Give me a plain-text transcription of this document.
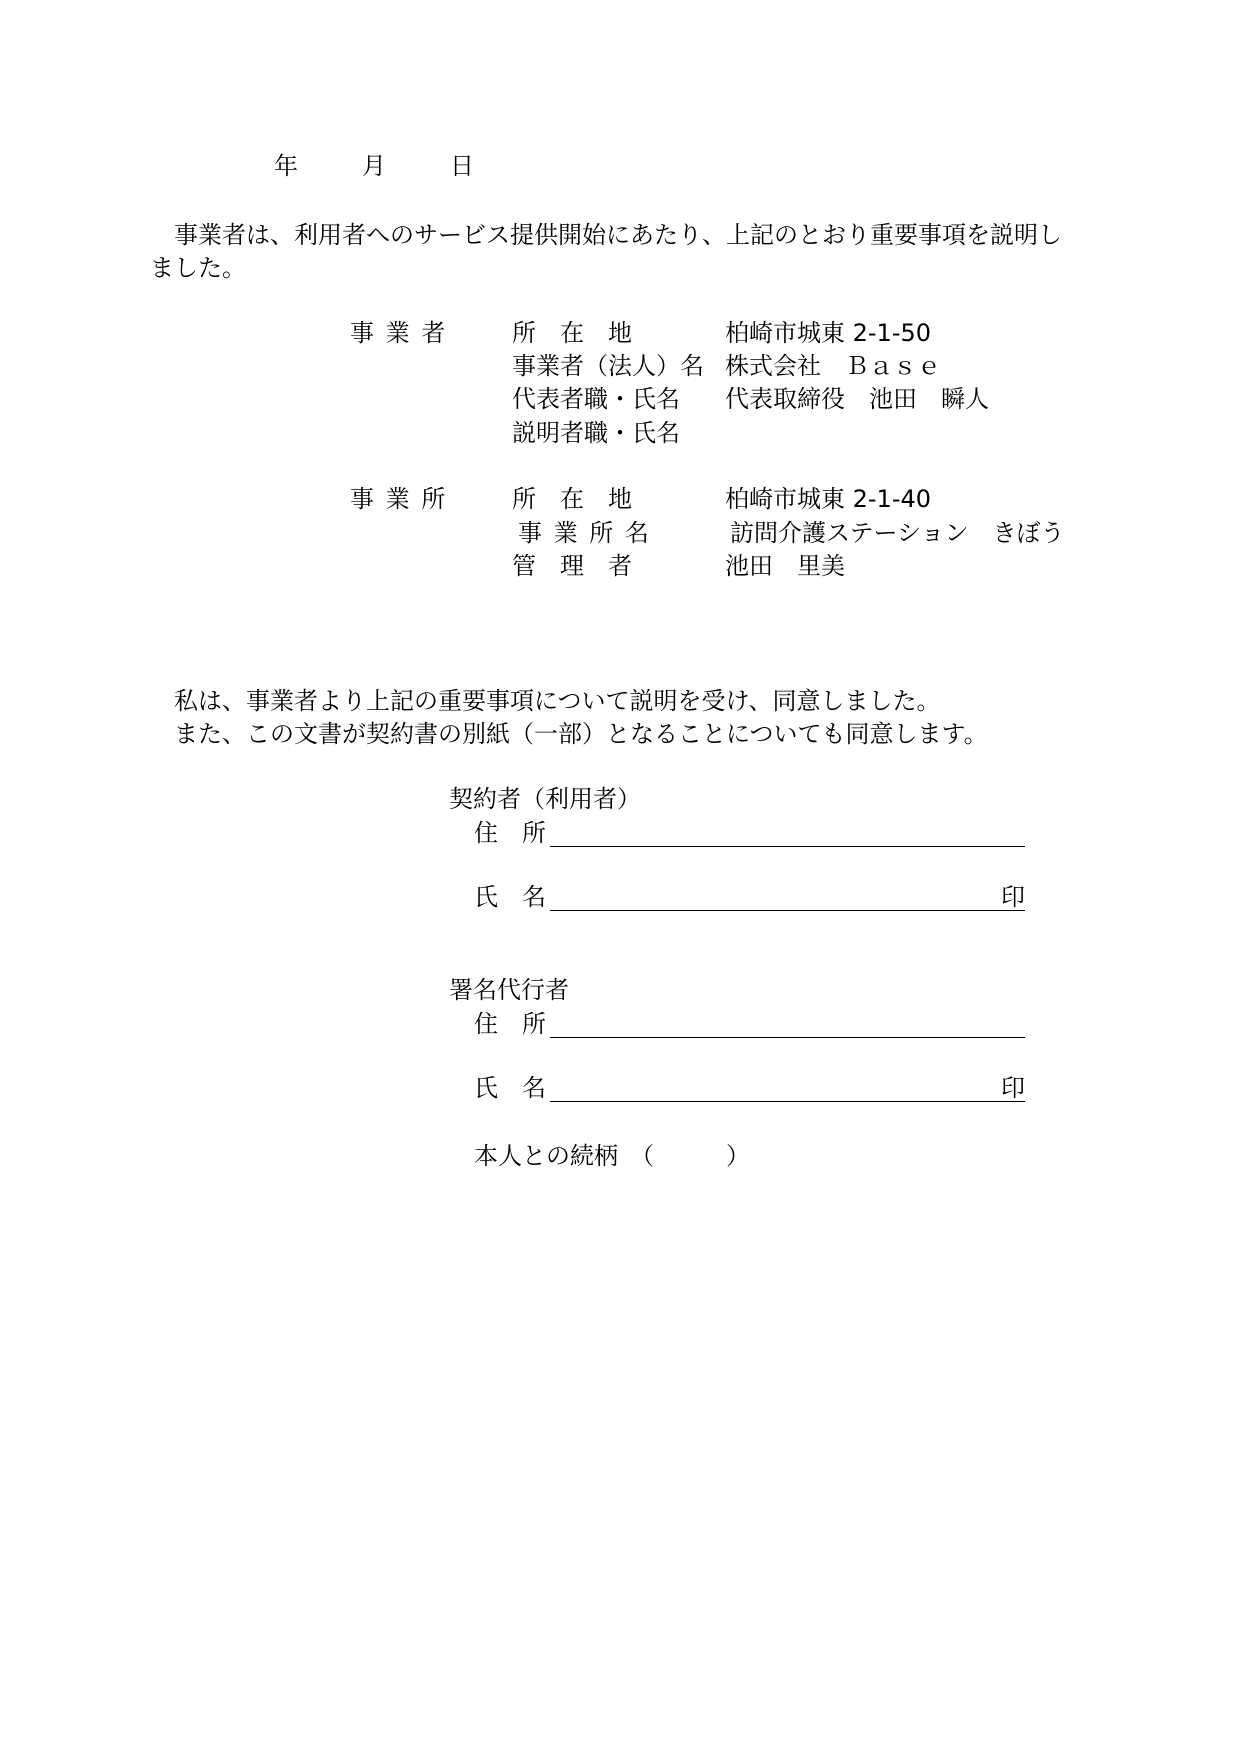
年	月	日
事業者は、利用者へのサービス提供開始にあたり、上記のとおり重要事項を説明し
ました。
事 業 者	所　在　地	柏崎市城東 2-1-50
事業者（法人）名 株式会社　Ｂａｓｅ
代表者職・氏名 代表取締役　池田　瞬人
説明者職・氏名
事 業 所	所　在　地	柏崎市城東 2-1-40
事 業 所 名	訪問介護ステーション　きぼう
管　理　者	池田　里美
私は、事業者より上記の重要事項について説明を受け、同意しました。
また、この文書が契約書の別紙（一部）となることについても同意します。
契約者（利用者）
住　所
氏　名	印
署名代行者
住　所
氏　名	印
本人との続柄　（　　　）
